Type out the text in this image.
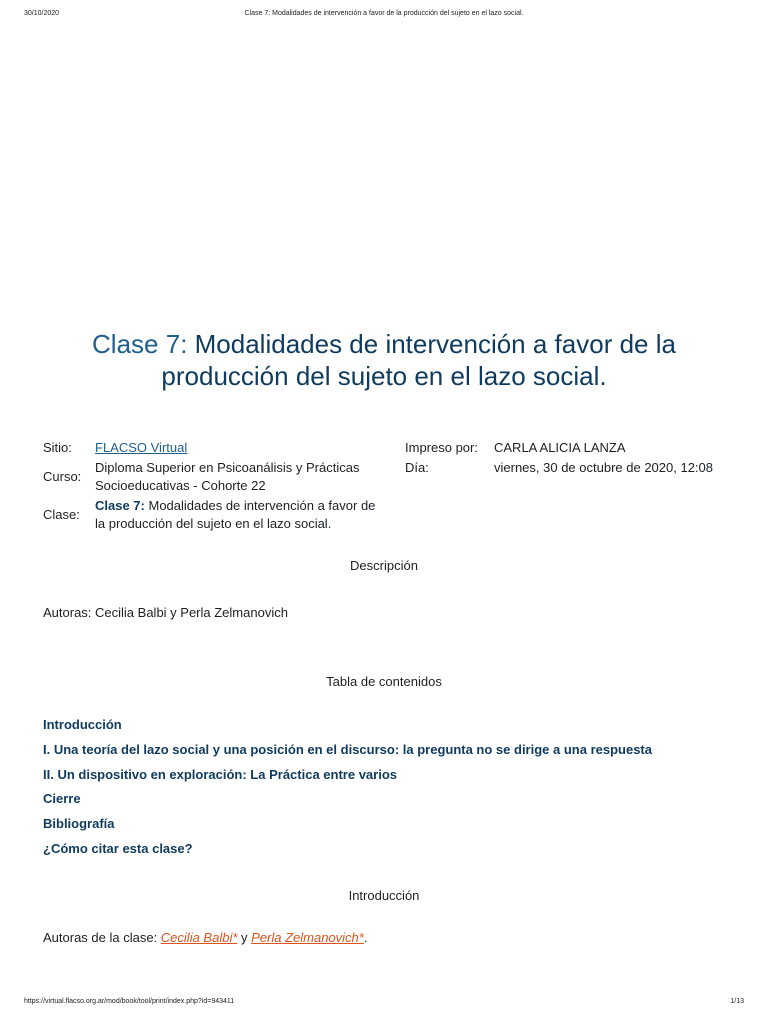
30/10/2020	Clase 7: Modalidades de intervención a favor de la producción del sujeto en el lazo social.
Clase 7: Modalidades de intervención a favor de la producción del sujeto en el lazo social.
Sitio:	FLACSO Virtual
Curso:
Diploma Superior en Psicoanálisis y Prácticas Socioeducativas - Cohorte 22
Clase:
Clase 7: Modalidades de intervención a favor de la producción del sujeto en el lazo social.
Impreso por:	CARLA ALICIA LANZA
Día:	viernes, 30 de octubre de 2020, 12:08
Descripción
Autoras: Cecilia Balbi y Perla Zelmanovich
Tabla de contenidos
Introducción
I. Una teoría del lazo social y una posición en el discurso: la pregunta no se dirige a una respuesta
II. Un dispositivo en exploración: La Práctica entre varios
Cierre
Bibliografía
¿Cómo citar esta clase?
Introducción
Autoras de la clase: Cecilia Balbi* y Perla Zelmanovich*.
https://virtual.flacso.org.ar/mod/book/tool/print/index.php?id=943411	1/13
